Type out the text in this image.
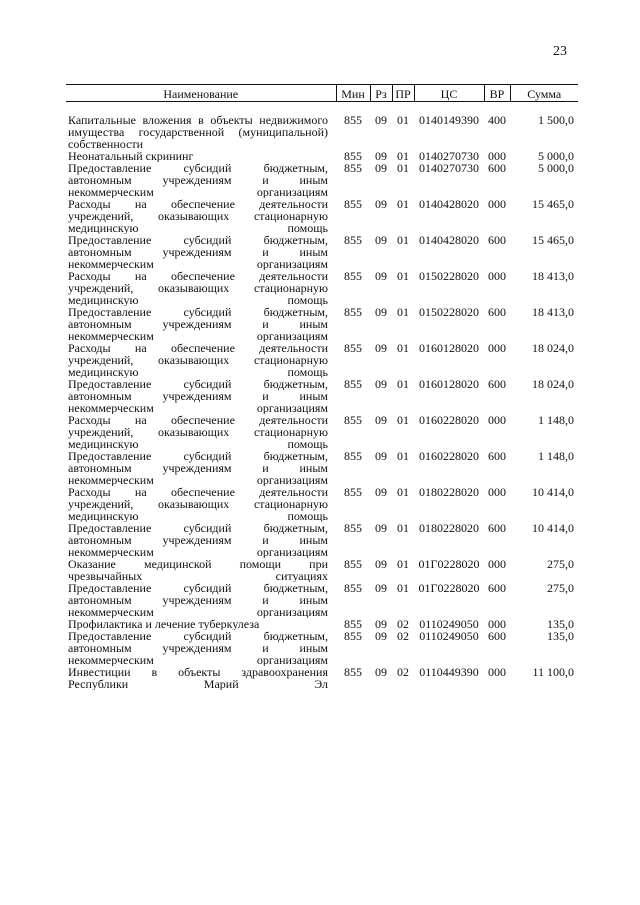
23
Наименование	Мин	Рз	ПР	ЦС	ВР	Сумма
Капитальные вложения в объекты недвижимого имущества государственной (муниципальной) собственности	855	09	01	0140149390	400	1 500,0
Неонатальный скрининг	855	09	01	0140270730	000	5 000,0
Предоставление субсидий бюджетным, автономным учреждениям и иным некоммерческим организациям	855	09	01	0140270730	600	5 000,0
Расходы на обеспечение деятельности учреждений, оказывающих стационарную медицинскую помощь	855	09	01	0140428020	000	15 465,0
Предоставление субсидий бюджетным, автономным учреждениям и иным некоммерческим организациям	855	09	01	0140428020	600	15 465,0
Расходы на обеспечение деятельности учреждений, оказывающих стационарную медицинскую помощь	855	09	01	0150228020	000	18 413,0
Предоставление субсидий бюджетным, автономным учреждениям и иным некоммерческим организациям	855	09	01	0150228020	600	18 413,0
Расходы на обеспечение деятельности учреждений, оказывающих стационарную медицинскую помощь	855	09	01	0160128020	000	18 024,0
Предоставление субсидий бюджетным, автономным учреждениям и иным некоммерческим организациям	855	09	01	0160128020	600	18 024,0
Расходы на обеспечение деятельности учреждений, оказывающих стационарную медицинскую помощь	855	09	01	0160228020	000	1 148,0
Предоставление субсидий бюджетным, автономным учреждениям и иным некоммерческим организациям	855	09	01	0160228020	600	1 148,0
Расходы на обеспечение деятельности учреждений, оказывающих стационарную медицинскую помощь	855	09	01	0180228020	000	10 414,0
Предоставление субсидий бюджетным, автономным учреждениям и иным некоммерческим организациям	855	09	01	0180228020	600	10 414,0
Оказание медицинской помощи при чрезвычайных ситуациях	855	09	01	01Г0228020	000	275,0
Предоставление субсидий бюджетным, автономным учреждениям и иным некоммерческим организациям	855	09	01	01Г0228020	600	275,0
Профилактика и лечение туберкулеза	855	09	02	0110249050	000	135,0
Предоставление субсидий бюджетным, автономным учреждениям и иным некоммерческим организациям	855	09	02	0110249050	600	135,0
Инвестиции в объекты здравоохранения Республики Марий Эл	855	09	02	0110449390	000	11 100,0
